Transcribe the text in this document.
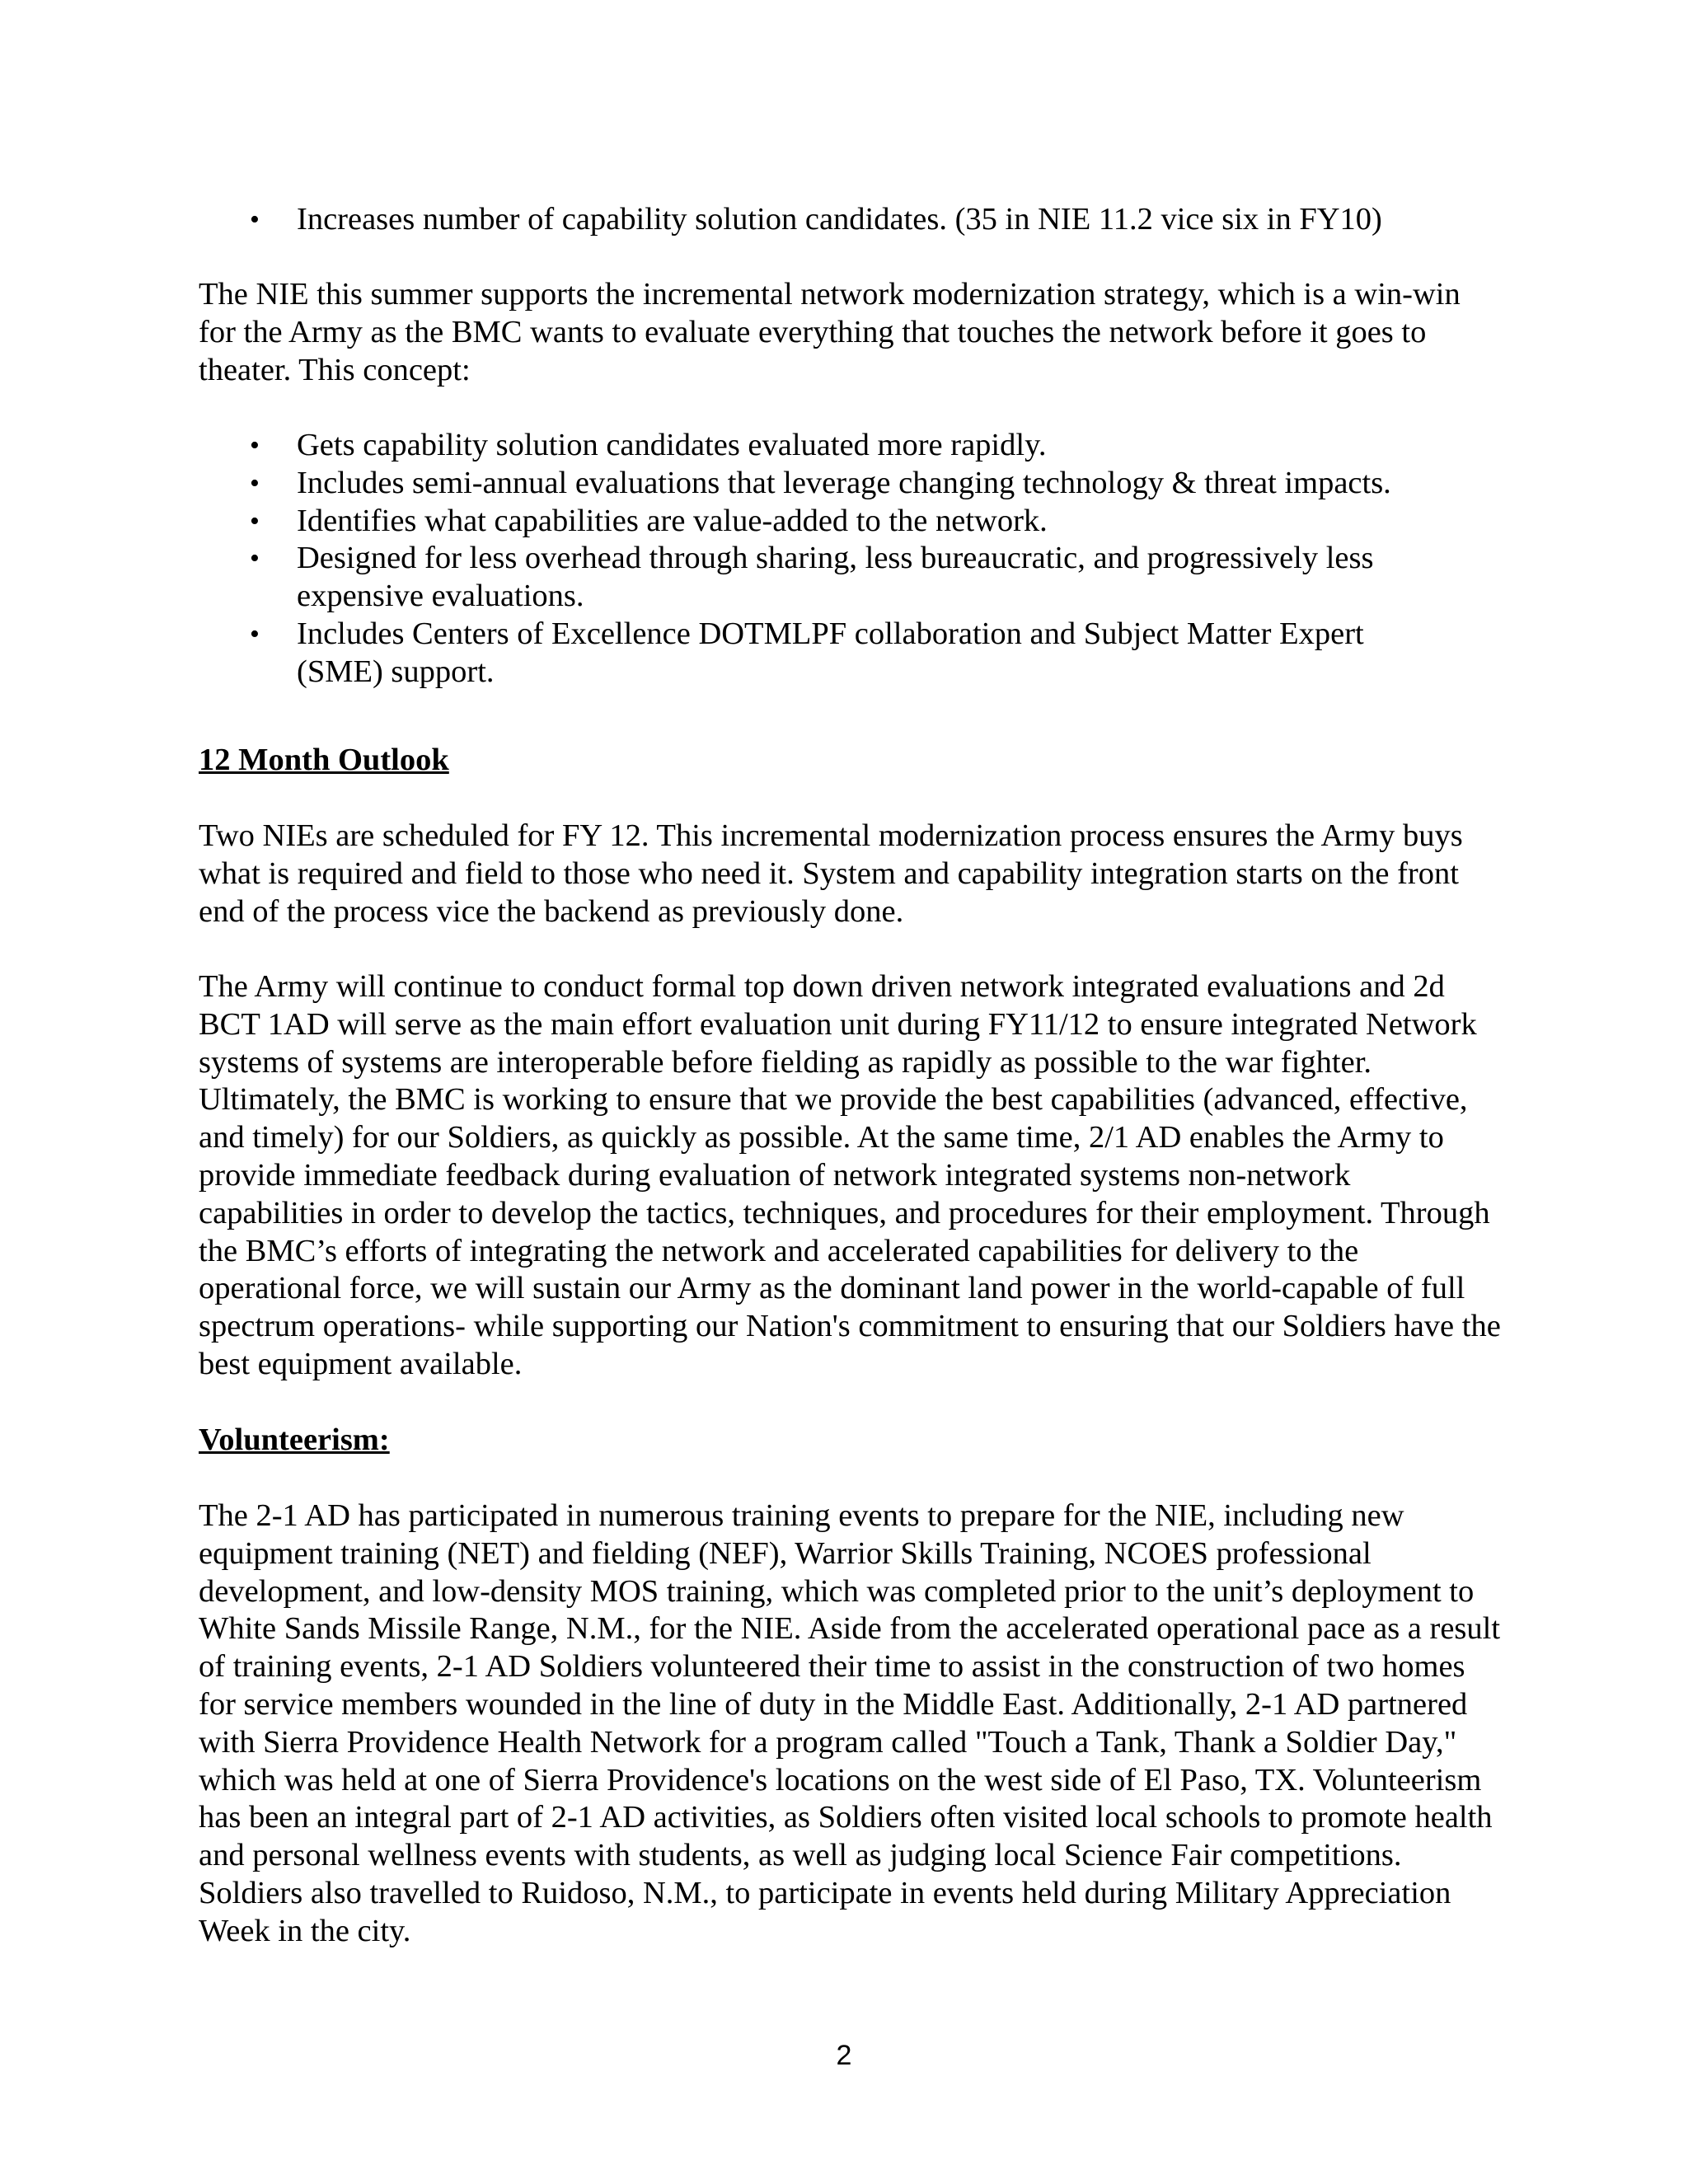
• Increases number of capability solution candidates. (35 in NIE 11.2 vice six in FY10)

The NIE this summer supports the incremental network modernization strategy, which is a win-win for the Army as the BMC wants to evaluate everything that touches the network before it goes to theater. This concept:

• Gets capability solution candidates evaluated more rapidly.
• Includes semi-annual evaluations that leverage changing technology & threat impacts.
• Identifies what capabilities are value-added to the network.
• Designed for less overhead through sharing, less bureaucratic, and progressively less expensive evaluations.
• Includes Centers of Excellence DOTMLPF collaboration and Subject Matter Expert (SME) support.

12 Month Outlook

Two NIEs are scheduled for FY 12. This incremental modernization process ensures the Army buys what is required and field to those who need it. System and capability integration starts on the front end of the process vice the backend as previously done.

The Army will continue to conduct formal top down driven network integrated evaluations and 2d BCT 1AD will serve as the main effort evaluation unit during FY11/12 to ensure integrated Network systems of systems are interoperable before fielding as rapidly as possible to the war fighter. Ultimately, the BMC is working to ensure that we provide the best capabilities (advanced, effective, and timely) for our Soldiers, as quickly as possible. At the same time, 2/1 AD enables the Army to provide immediate feedback during evaluation of network integrated systems non-network capabilities in order to develop the tactics, techniques, and procedures for their employment. Through the BMC’s efforts of integrating the network and accelerated capabilities for delivery to the operational force, we will sustain our Army as the dominant land power in the world-capable of full spectrum operations- while supporting our Nation's commitment to ensuring that our Soldiers have the best equipment available.

Volunteerism:

The 2-1 AD has participated in numerous training events to prepare for the NIE, including new equipment training (NET) and fielding (NEF), Warrior Skills Training, NCOES professional development, and low-density MOS training, which was completed prior to the unit’s deployment to White Sands Missile Range, N.M., for the NIE. Aside from the accelerated operational pace as a result of training events, 2-1 AD Soldiers volunteered their time to assist in the construction of two homes for service members wounded in the line of duty in the Middle East. Additionally, 2-1 AD partnered with Sierra Providence Health Network for a program called "Touch a Tank, Thank a Soldier Day," which was held at one of Sierra Providence's locations on the west side of El Paso, TX. Volunteerism has been an integral part of 2-1 AD activities, as Soldiers often visited local schools to promote health and personal wellness events with students, as well as judging local Science Fair competitions. Soldiers also travelled to Ruidoso, N.M., to participate in events held during Military Appreciation Week in the city.

2
